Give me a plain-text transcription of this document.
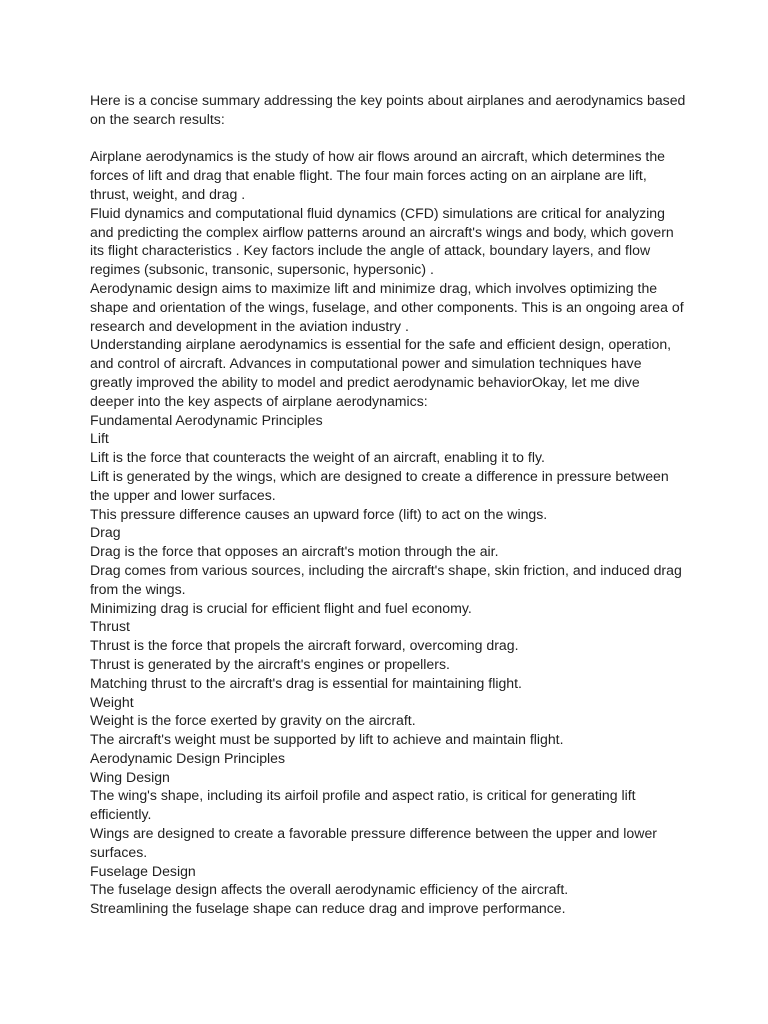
Here is a concise summary addressing the key points about airplanes and aerodynamics based on the search results:

Airplane aerodynamics is the study of how air flows around an aircraft, which determines the forces of lift and drag that enable flight. The four main forces acting on an airplane are lift, thrust, weight, and drag .

Fluid dynamics and computational fluid dynamics (CFD) simulations are critical for analyzing and predicting the complex airflow patterns around an aircraft's wings and body, which govern its flight characteristics . Key factors include the angle of attack, boundary layers, and flow regimes (subsonic, transonic, supersonic, hypersonic) .

Aerodynamic design aims to maximize lift and minimize drag, which involves optimizing the shape and orientation of the wings, fuselage, and other components. This is an ongoing area of research and development in the aviation industry .

Understanding airplane aerodynamics is essential for the safe and efficient design, operation, and control of aircraft. Advances in computational power and simulation techniques have greatly improved the ability to model and predict aerodynamic behaviorOkay, let me dive deeper into the key aspects of airplane aerodynamics:

Fundamental Aerodynamic Principles

Lift

Lift is the force that counteracts the weight of an aircraft, enabling it to fly.

Lift is generated by the wings, which are designed to create a difference in pressure between the upper and lower surfaces.

This pressure difference causes an upward force (lift) to act on the wings.

Drag

Drag is the force that opposes an aircraft's motion through the air.

Drag comes from various sources, including the aircraft's shape, skin friction, and induced drag from the wings.

Minimizing drag is crucial for efficient flight and fuel economy.

Thrust

Thrust is the force that propels the aircraft forward, overcoming drag.

Thrust is generated by the aircraft's engines or propellers.

Matching thrust to the aircraft's drag is essential for maintaining flight.

Weight

Weight is the force exerted by gravity on the aircraft.

The aircraft's weight must be supported by lift to achieve and maintain flight.

Aerodynamic Design Principles

Wing Design

The wing's shape, including its airfoil profile and aspect ratio, is critical for generating lift efficiently.

Wings are designed to create a favorable pressure difference between the upper and lower surfaces.

Fuselage Design

The fuselage design affects the overall aerodynamic efficiency of the aircraft.

Streamlining the fuselage shape can reduce drag and improve performance.
